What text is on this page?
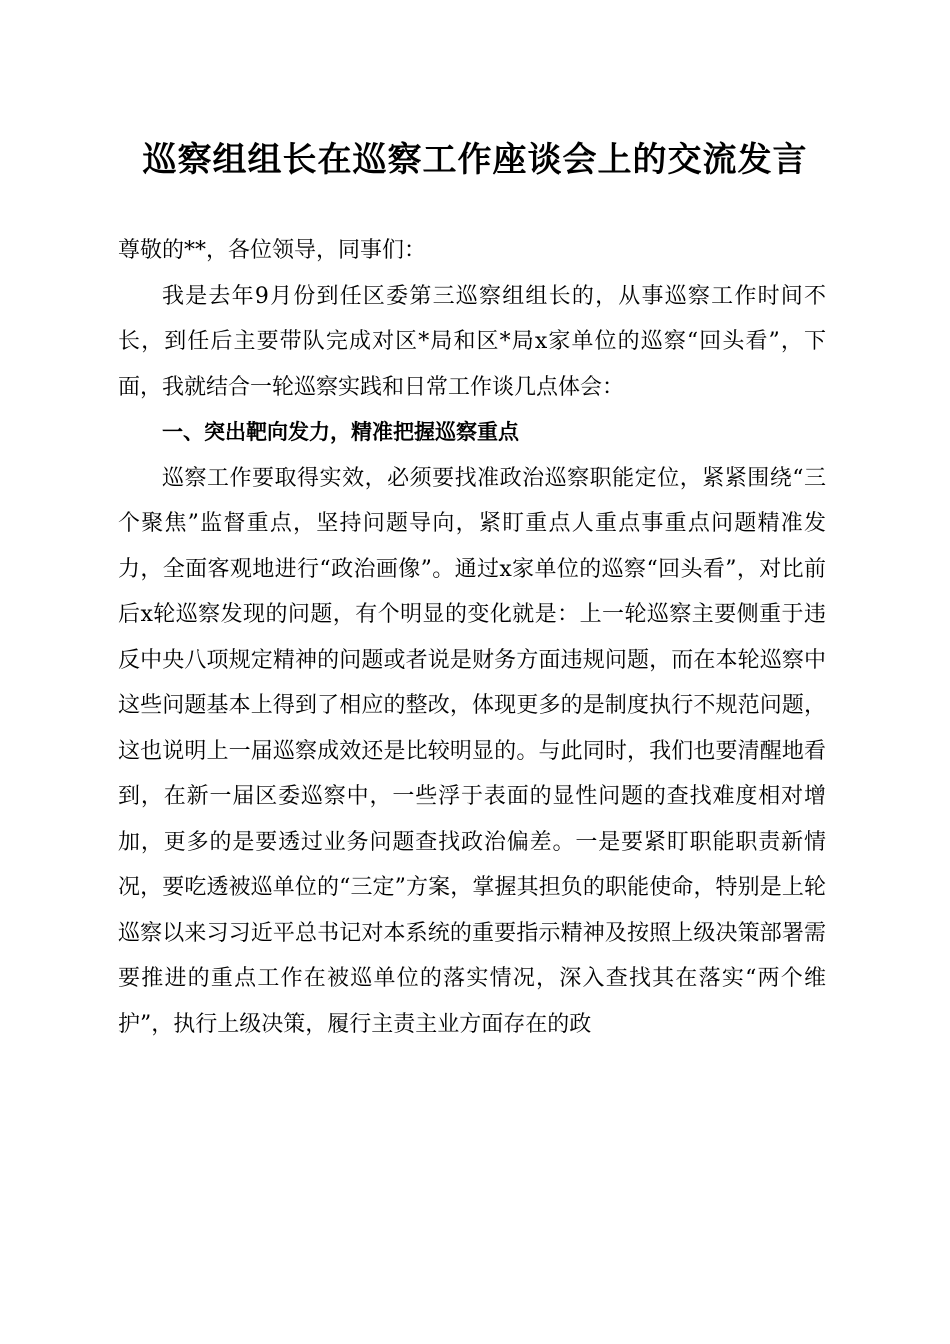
巡察组组长在巡察工作座谈会上的交流发言

尊敬的**，各位领导，同事们：

我是去年9月份到任区委第三巡察组组长的，从事巡察工作时间不长，到任后主要带队完成对区*局和区*局x家单位的巡察“回头看”，下面，我就结合一轮巡察实践和日常工作谈几点体会：

一、突出靶向发力，精准把握巡察重点

巡察工作要取得实效，必须要找准政治巡察职能定位，紧紧围绕“三个聚焦”监督重点，坚持问题导向，紧盯重点人重点事重点问题精准发力，全面客观地进行“政治画像”。通过x家单位的巡察“回头看”，对比前后x轮巡察发现的问题，有个明显的变化就是：上一轮巡察主要侧重于违反中央八项规定精神的问题或者说是财务方面违规问题，而在本轮巡察中这些问题基本上得到了相应的整改，体现更多的是制度执行不规范问题，这也说明上一届巡察成效还是比较明显的。与此同时，我们也要清醒地看到，在新一届区委巡察中，一些浮于表面的显性问题的查找难度相对增加，更多的是要透过业务问题查找政治偏差。一是要紧盯职能职责新情况，要吃透被巡单位的“三定”方案，掌握其担负的职能使命，特别是上轮巡察以来习习近平总书记对本系统的重要指示精神及按照上级决策部署需要推进的重点工作在被巡单位的落实情况，深入查找其在落实“两个维护”，执行上级决策，履行主责主业方面存在的政
